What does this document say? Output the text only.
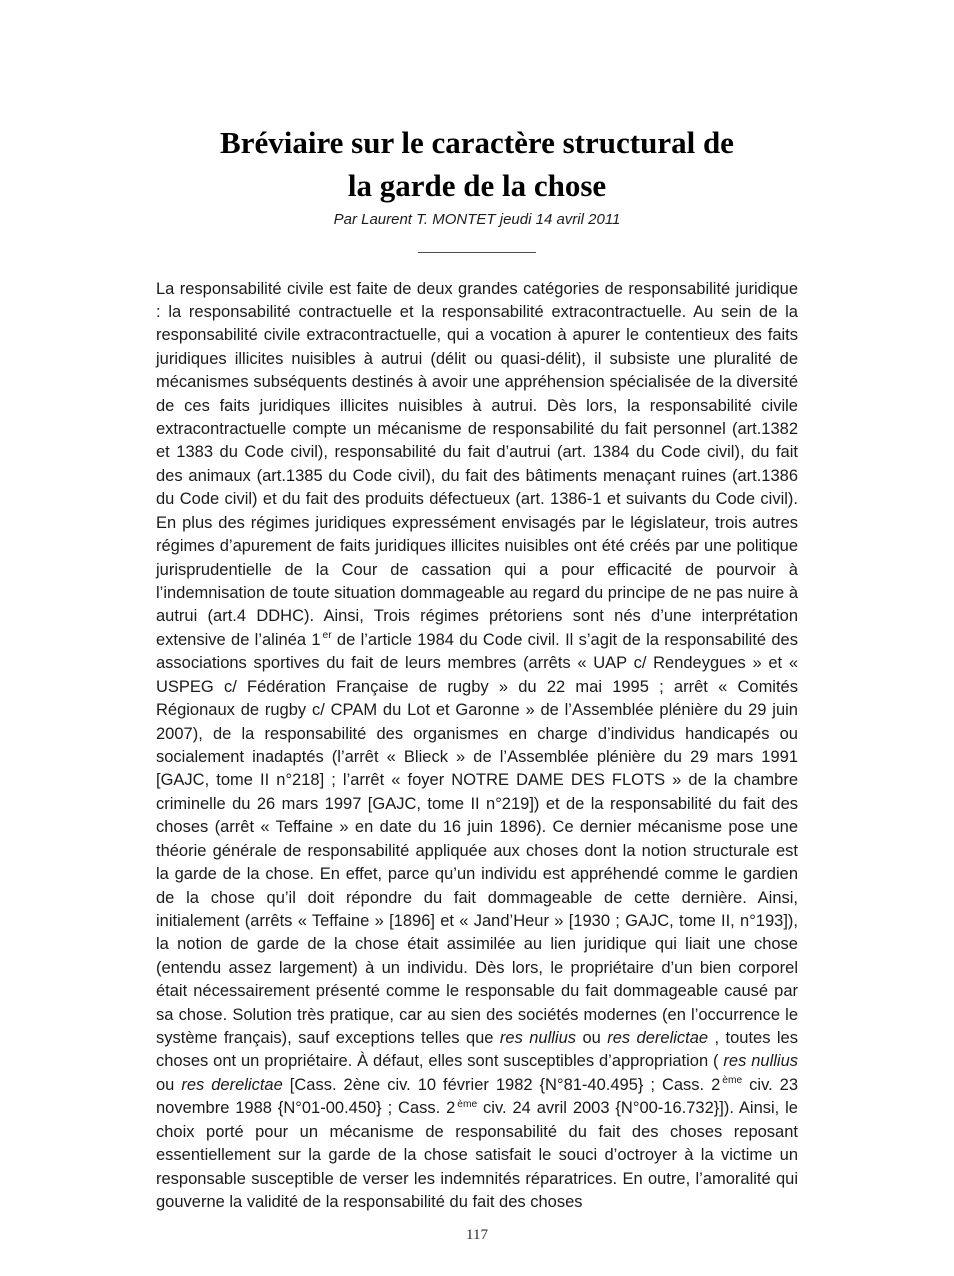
Bréviaire sur le caractère structural de
la garde de la chose
Par Laurent T. MONTET jeudi 14 avril 2011

La responsabilité civile est faite de deux grandes catégories de responsabilité juridique : la responsabilité contractuelle et la responsabilité extracontractuelle. Au sein de la responsabilité civile extracontractuelle, qui a vocation à apurer le contentieux des faits juridiques illicites nuisibles à autrui (délit ou quasi-délit), il subsiste une pluralité de mécanismes subséquents destinés à avoir une appréhension spécialisée de la diversité de ces faits juridiques illicites nuisibles à autrui. Dès lors, la responsabilité civile extracontractuelle compte un mécanisme de responsabilité du fait personnel (art.1382 et 1383 du Code civil), responsabilité du fait d’autrui (art. 1384 du Code civil), du fait des animaux (art.1385 du Code civil), du fait des bâtiments menaçant ruines (art.1386 du Code civil) et du fait des produits défectueux (art. 1386-1 et suivants du Code civil). En plus des régimes juridiques expressément envisagés par le législateur, trois autres régimes d’apurement de faits juridiques illicites nuisibles ont été créés par une politique jurisprudentielle de la Cour de cassation qui a pour efficacité de pourvoir à l’indemnisation de toute situation dommageable au regard du principe de ne pas nuire à autrui (art.4 DDHC). Ainsi, Trois régimes prétoriens sont nés d’une interprétation extensive de l’alinéa 1 $^{er}$ de l’article 1984 du Code civil. Il s’agit de la responsabilité des associations sportives du fait de leurs membres (arrêts « UAP c/ Rendeygues » et « USPEG c/ Fédération Française de rugby » du 22 mai 1995 ; arrêt « Comités Régionaux de rugby c/ CPAM du Lot et Garonne » de l’Assemblée plénière du 29 juin 2007), de la responsabilité des organismes en charge d’individus handicapés ou socialement inadaptés (l’arrêt « Blieck » de l’Assemblée plénière du 29 mars 1991 [GAJC, tome II n°218] ; l’arrêt « foyer NOTRE DAME DES FLOTS » de la chambre criminelle du 26 mars 1997 [GAJC, tome II n°219]) et de la responsabilité du fait des choses (arrêt « Teffaine » en date du 16 juin 1896). Ce dernier mécanisme pose une théorie générale de responsabilité appliquée aux choses dont la notion structurale est la garde de la chose. En effet, parce qu’un individu est appréhendé comme le gardien de la chose qu’il doit répondre du fait dommageable de cette dernière. Ainsi, initialement (arrêts « Teffaine » [1896] et « Jand’Heur » [1930 ; GAJC, tome II, n°193]), la notion de garde de la chose était assimilée au lien juridique qui liait une chose (entendu assez largement) à un individu. Dès lors, le propriétaire d’un bien corporel était nécessairement présenté comme le responsable du fait dommageable causé par sa chose. Solution très pratique, car au sien des sociétés modernes (en l’occurrence le système français), sauf exceptions telles que res nullius ou res derelictae , toutes les choses ont un propriétaire. À défaut, elles sont susceptibles d’appropriation ( res nullius ou res derelictae [Cass. 2ène civ. 10 février 1982 {N°81-40.495} ; Cass. 2 $^{ème}$ civ. 23 novembre 1988 {N°01-00.450} ; Cass. 2 $^{ème}$ civ. 24 avril 2003 {N°00-16.732}]). Ainsi, le choix porté pour un mécanisme de responsabilité du fait des choses reposant essentiellement sur la garde de la chose satisfait le souci d’octroyer à la victime un responsable susceptible de verser les indemnités réparatrices. En outre, l’amoralité qui gouverne la validité de la responsabilité du fait des choses

117
